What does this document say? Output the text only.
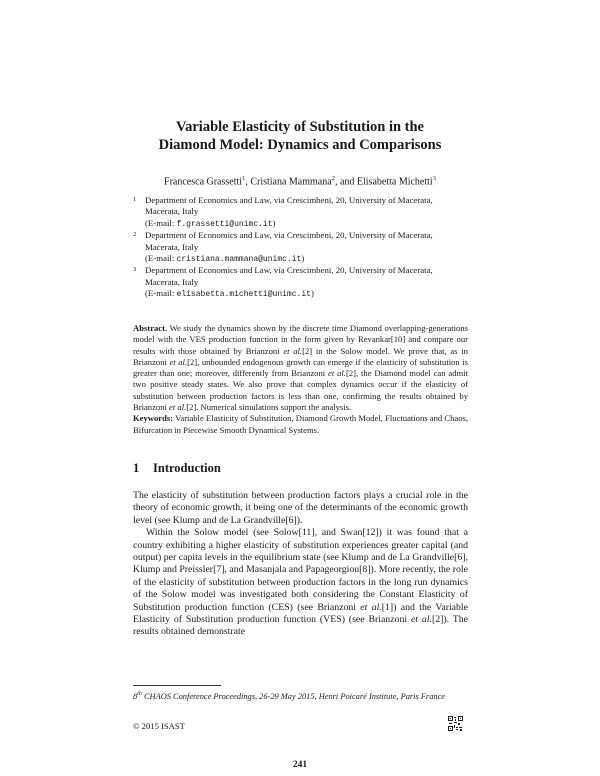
Variable Elasticity of Substitution in the
Diamond Model: Dynamics and Comparisons
Francesca Grassetti$^1$, Cristiana Mammana$^2$, and Elisabetta Michetti$^3$
1 Department of Economics and Law, via Crescimbeni, 20, University of Macerata,
Macerata, Italy
(E-mail: f.grassetti@unimc.it)
2 Department of Economics and Law, via Crescimbeni, 20, University of Macerata,
Macerata, Italy
(E-mail: cristiana.mammana@unimc.it)
3 Department of Economics and Law, via Crescimbeni, 20, University of Macerata,
Macerata, Italy
(E-mail: elisabetta.michetti@unimc.it)
Abstract. We study the dynamics shown by the discrete time Diamond overlapping-generations model with the VES production function in the form given by Revankar[10] and compare our results with those obtained by Brianzoni et al.[2] in the Solow model. We prove that, as in Brianzoni et al.[2], unbounded endogenous growth can emerge if the elasticity of substitution is greater than one; moreover, differently from Brianzoni et al.[2], the Diamond model can admit two positive steady states. We also prove that complex dynamics occur if the elasticity of substitution between production factors is less than one, confirming the results obtained by Brianzoni et al.[2]. Numerical simulations support the analysis.
Keywords: Variable Elasticity of Substitution, Diamond Growth Model, Fluctuations and Chaos, Bifurcation in Piecewise Smooth Dynamical Systems.
1 Introduction

The elasticity of substitution between production factors plays a crucial role in the theory of economic growth, it being one of the determinants of the economic growth level (see Klump and de La Grandville[6]).

Within the Solow model (see Solow[11], and Swan[12]) it was found that a country exhibiting a higher elasticity of substitution experiences greater capital (and output) per capita levels in the equilibrium state (see Klump and de La Grandville[6], Klump and Preissler[7], and Masanjala and Papageorgiou[8]). More recently, the role of the elasticity of substitution between production factors in the long run dynamics of the Solow model was investigated both considering the Constant Elasticity of Substitution production function (CES) (see Brianzoni et al.[1]) and the Variable Elasticity of Substitution production function (VES) (see Brianzoni et al.[2]). The results obtained demonstrate

8th CHAOS Conference Proceedings, 26-29 May 2015, Henri Poicaré Institute, Paris France
© 2015 ISAST
241
